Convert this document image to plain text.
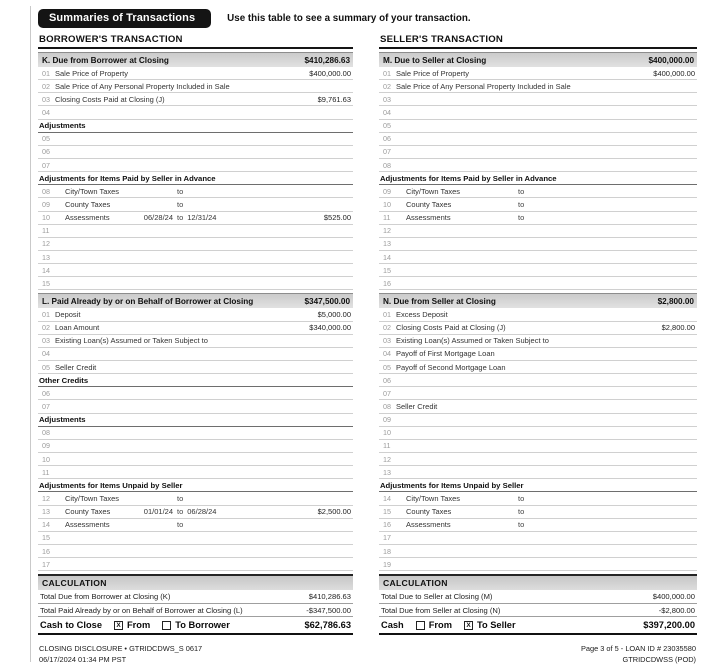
Summaries of Transactions	Use this table to see a summary of your transaction.
BORROWER'S TRANSACTION
K. Due from Borrower at Closing	$410,286.63
01 Sale Price of Property	$400,000.00
02 Sale Price of Any Personal Property Included in Sale
03 Closing Costs Paid at Closing (J)	$9,761.63
04
Adjustments
05
06
07
Adjustments for Items Paid by Seller in Advance
08	City/Town Taxes	to
09	County Taxes	to
10	Assessments	06/28/24 to 12/31/24	$525.00
11
12
13
14
15
L. Paid Already by or on Behalf of Borrower at Closing	$347,500.00
01 Deposit	$5,000.00
02 Loan Amount	$340,000.00
03 Existing Loan(s) Assumed or Taken Subject to
04
05 Seller Credit
Other Credits
06
07
Adjustments
08
09
10
11
Adjustments for Items Unpaid by Seller
12	City/Town Taxes	to
13	County Taxes	01/01/24 to 06/28/24	$2,500.00
14	Assessments	to
15
16
17
CALCULATION
Total Due from Borrower at Closing (K)	$410,286.63
Total Paid Already by or on Behalf of Borrower at Closing (L)	-$347,500.00
Cash to Close	X From	To Borrower	$62,786.63
SELLER'S TRANSACTION
M. Due to Seller at Closing	$400,000.00
01 Sale Price of Property	$400,000.00
02 Sale Price of Any Personal Property Included in Sale
03
04
05
06
07
08
Adjustments for Items Paid by Seller in Advance
09	City/Town Taxes	to
10	County Taxes	to
11	Assessments	to
12
13
14
15
16
N. Due from Seller at Closing	$2,800.00
01 Excess Deposit
02 Closing Costs Paid at Closing (J)	$2,800.00
03 Existing Loan(s) Assumed or Taken Subject to
04 Payoff of First Mortgage Loan
05 Payoff of Second Mortgage Loan
06
07
08 Seller Credit
09
10
11
12
13
Adjustments for Items Unpaid by Seller
14	City/Town Taxes	to
15	County Taxes	to
16	Assessments	to
17
18
19
CALCULATION
Total Due to Seller at Closing (M)	$400,000.00
Total Due from Seller at Closing (N)	-$2,800.00
Cash	From	X To Seller	$397,200.00
CLOSING DISCLOSURE • GTRIDCDWS_S 0617
06/17/2024 01:34 PM PST
Page 3 of 5 - LOAN ID # 23035580
GTRIDCDWSS (POD)
